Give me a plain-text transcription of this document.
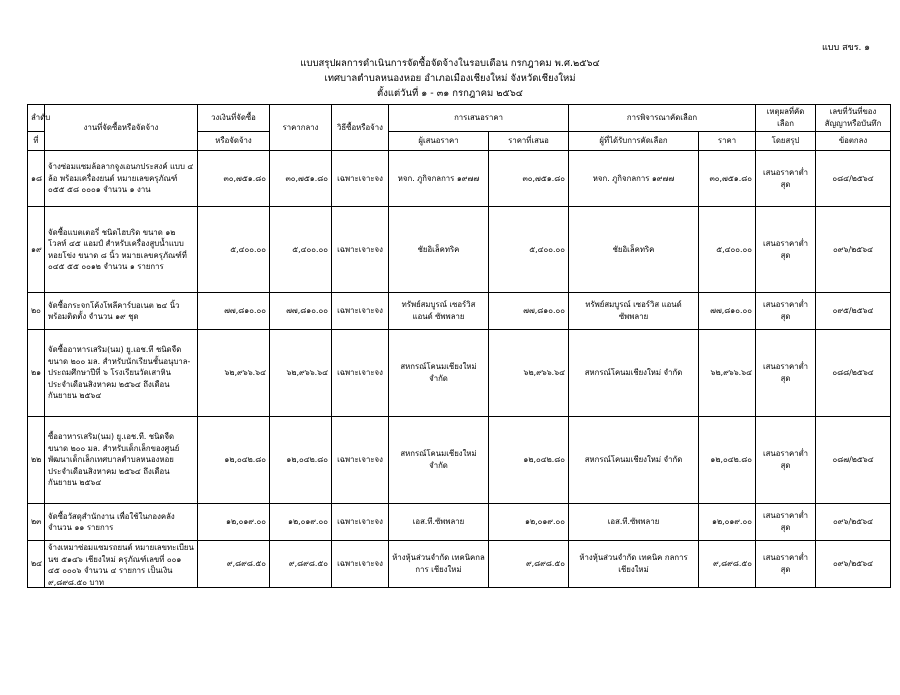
แบบ สขร. ๑
แบบสรุปผลการดำเนินการจัดซื้อจัดจ้างในรอบเดือน กรกฎาคม พ.ศ.๒๕๖๔
เทศบาลตำบลหนองหอย อำเภอเมืองเชียงใหม่ จังหวัดเชียงใหม่
ตั้งแต่วันที่ ๑ - ๓๑ กรกฎาคม ๒๕๖๔
ลำดับ	งานที่จัดซื้อหรือจัดจ้าง	วงเงินที่จัดซื้อ	ราคากลาง	วิธีซื้อหรือจ้าง	การเสนอราคา		การพิจารณาคัดเลือก		เหตุผลที่คัดเลือก	เลขที่วันที่ของ
สัญญาหรือบันทึก
ที่		หรือจัดจ้าง			ผู้เสนอราคา	ราคาที่เสนอ	ผู้ที่ได้รับการคัดเลือก	ราคา	โดยสรุป	ข้อตกลง
๑๘	จ้างซ่อมแซมล้อลากจูงเอนกประสงค์ แบบ ๔ ล้อ พร้อมเครื่องยนต์ หมายเลขครุภัณฑ์ ๐๕๕ ๕๘ ๐๐๐๑ จำนวน ๑ งาน	๓๐,๗๕๑.๘๐	๓๐,๗๕๑.๘๐	เฉพาะเจาะจง	หจก. ภูกิจกลการ ๑๙๗๗	๓๐,๗๕๑.๘๐	หจก. ภูกิจกลการ ๑๙๗๗	๓๐,๗๕๑.๘๐	เสนอราคาต่ำสุด	๐๘๔/๒๕๖๔
๑๙	จัดซื้อแบตเตอรี่ ชนิดไฮบริด ขนาด ๑๒ โวลท์ ๔๕ แอมป์ สำหรับเครื่องสูบน้ำแบบหอยโข่ง ขนาด ๘ นิ้ว หมายเลขครุภัณฑ์ที่ ๐๔๕ ๕๕ ๐๐๑๒ จำนวน ๑ รายการ	๕,๔๐๐.๐๐	๕,๔๐๐.๐๐	เฉพาะเจาะจง	ชัยอิเล็คทริค	๕,๔๐๐.๐๐	ชัยอิเล็คทริค	๕,๔๐๐.๐๐	เสนอราคาต่ำสุด	๐๙๖/๒๕๖๔
๒๐	จัดซื้อกระจกโค้งโพลีคาร์บอเนต ๒๔ นิ้ว พร้อมติดตั้ง จำนวน ๑๙ ชุด	๗๗,๘๑๐.๐๐	๗๗,๘๑๐.๐๐	เฉพาะเจาะจง	ทรัพย์สมบูรณ์ เซอร์วิส แอนด์ ซัพพลาย	๗๗,๘๑๐.๐๐	ทรัพย์สมบูรณ์ เซอร์วิส แอนด์ ซัพพลาย	๗๗,๘๑๐.๐๐	เสนอราคาต่ำสุด	๐๙๕/๒๕๖๔
๒๑	จัดซื้ออาหารเสริม(นม) ยู.เอช.ที ชนิดจืด ขนาด ๒๐๐ มล. สำหรับนักเรียนชั้นอนุบาล-ประถมศึกษาปีที่ ๖ โรงเรียนวัดเสาหิน ประจำเดือนสิงหาคม ๒๕๖๔ ถึงเดือนกันยายน ๒๕๖๔	๖๒,๙๖๖.๖๔	๖๒,๙๖๖.๖๔	เฉพาะเจาะจง	สหกรณ์โคนมเชียงใหม่ จำกัด	๖๒,๙๖๖.๖๔	สหกรณ์โคนมเชียงใหม่ จำกัด	๖๒,๙๖๖.๖๔	เสนอราคาต่ำสุด	๐๘๘/๒๕๖๔
๒๒	ซื้ออาหารเสริม(นม) ยู.เอช.ที. ชนิดจืด ขนาด ๒๐๐ มล. สำหรับเด็กเล็กของศูนย์พัฒนาเด็กเล็กเทศบาลตำบลหนองหอย ประจำเดือนสิงหาคม ๒๕๖๔ ถึงเดือนกันยายน ๒๕๖๔	๑๒,๐๔๒.๘๐	๑๒,๐๔๒.๘๐	เฉพาะเจาะจง	สหกรณ์โคนมเชียงใหม่ จำกัด	๑๒,๐๔๒.๘๐	สหกรณ์โคนมเชียงใหม่ จำกัด	๑๒,๐๔๒.๘๐	เสนอราคาต่ำสุด	๐๘๗/๒๕๖๔
๒๓	จัดซื้อวัสดุสำนักงาน เพื่อใช้ในกองคลัง จำนวน ๑๑ รายการ	๑๒,๐๑๙.๐๐	๑๒,๐๑๙.๐๐	เฉพาะเจาะจง	เอส.ที.ซัพพลาย	๑๒,๐๑๙.๐๐	เอส.ที.ซัพพลาย	๑๒,๐๑๙.๐๐	เสนอราคาต่ำสุด	๐๙๖/๒๕๖๔
๒๔	จ้างเหมาซ่อมแซมรถยนต์ หมายเลขทะเบียน นข ๕๑๔๖ เชียงใหม่ ครุภัณฑ์เลขที่ ๐๐๑ ๔๕ ๐๐๐๖ จำนวน ๔ รายการ เป็นเงิน ๙,๘๙๘.๕๐ บาท	๙,๘๙๘.๕๐	๙,๘๙๘.๕๐	เฉพาะเจาะจง	ห้างหุ้นส่วนจำกัด เทคนิคกลการ เชียงใหม่	๙,๘๙๘.๕๐	ห้างหุ้นส่วนจำกัด เทคนิค กลการ เชียงใหม่	๙,๘๙๘.๕๐	เสนอราคาต่ำสุด	๐๙๖/๒๕๖๔
